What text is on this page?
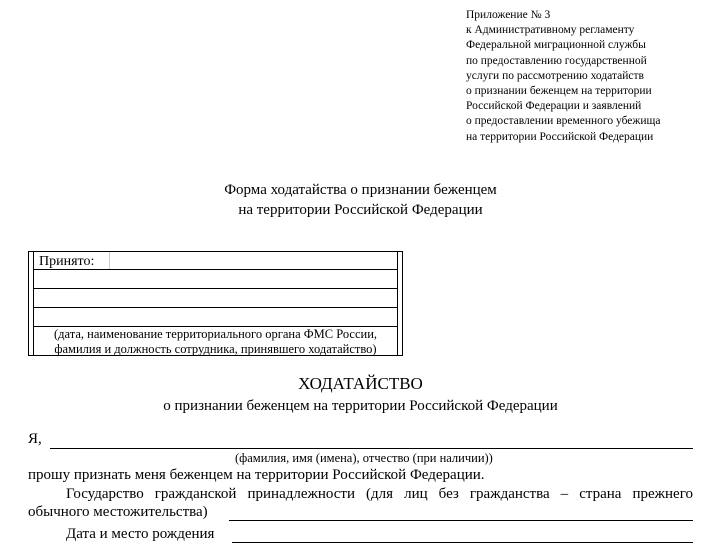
Приложение № 3
к Административному регламенту
Федеральной миграционной службы
по предоставлению государственной
услуги по рассмотрению ходатайств
о признании беженцем на территории
Российской Федерации и заявлений
о предоставлении временного убежища
на территории Российской Федерации
Форма ходатайства о признании беженцем
на территории Российской Федерации
Принято:
(дата, наименование территориального органа ФМС России,
фамилия и должность сотрудника, принявшего ходатайство)
ХОДАТАЙСТВО
о признании беженцем на территории Российской Федерации
Я,
(фамилия, имя (имена), отчество (при наличии))
прошу признать меня беженцем на территории Российской Федерации.
Государство гражданской принадлежности (для лиц без гражданства – страна прежнего
обычного местожительства)
Дата и место рождения
